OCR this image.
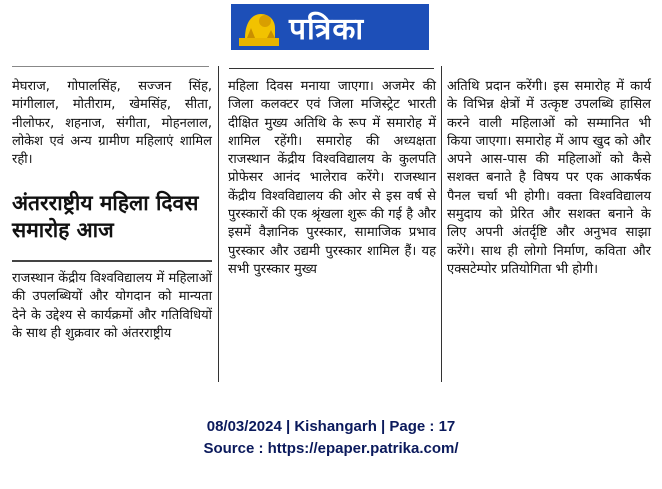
पत्रिका

मेघराज, गोपालसिंह, सज्जन सिंह, मांगीलाल, मोतीराम, खेमसिंह, सीता, नीलोफर, शहनाज, संगीता, मोहनलाल, लोकेश एवं अन्य ग्रामीण महिलाएं शामिल रही।

अंतरराष्ट्रीय महिला दिवस समारोह आज

राजस्थान केंद्रीय विश्वविद्यालय में महिलाओं की उपलब्धियों और योगदान को मान्यता देने के उद्देश्य से कार्यक्रमों और गतिविधियों के साथ ही शुक्रवार को अंतरराष्ट्रीय

महिला दिवस मनाया जाएगा। अजमेर की जिला कलक्टर एवं जिला मजिस्ट्रेट भारती दीक्षित मुख्य अतिथि के रूप में समारोह में शामिल रहेंगी। समारोह की अध्यक्षता राजस्थान केंद्रीय विश्वविद्यालय के कुलपति प्रोफेसर आनंद भालेराव करेंगे। राजस्थान केंद्रीय विश्वविद्यालय की ओर से इस वर्ष से पुरस्कारों की एक श्रृंखला शुरू की गई है और इसमें वैज्ञानिक पुरस्कार, सामाजिक प्रभाव पुरस्कार और उद्यमी पुरस्कार शामिल हैं। यह सभी पुरस्कार मुख्य

अतिथि प्रदान करेंगी। इस समारोह में कार्य के विभिन्न क्षेत्रों में उत्कृष्ट उपलब्धि हासिल करने वाली महिलाओं को सम्मानित भी किया जाएगा। समारोह में आप खुद को और अपने आस-पास की महिलाओं को कैसे सशक्त बनाते है विषय पर एक आकर्षक पैनल चर्चा भी होगी। वक्ता विश्वविद्यालय समुदाय को प्रेरित और सशक्त बनाने के लिए अपनी अंतर्दृष्टि और अनुभव साझा करेंगे। साथ ही लोगो निर्माण, कविता और एक्सटेम्पोर प्रतियोगिता भी होगी।

08/03/2024 | Kishangarh | Page : 17
Source : https://epaper.patrika.com/
